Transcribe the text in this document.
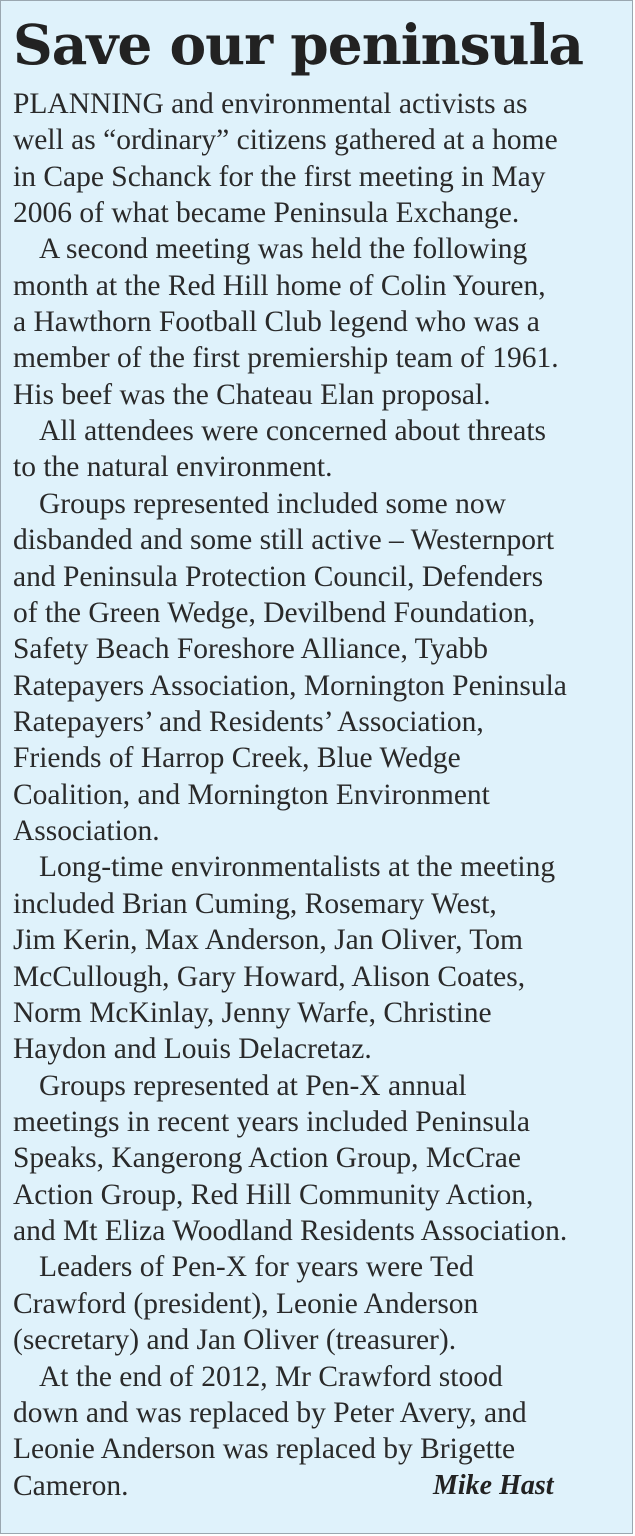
Save our peninsula
PLANNING and environmental activists as
well as “ordinary” citizens gathered at a home
in Cape Schanck for the first meeting in May
2006 of what became Peninsula Exchange.
A second meeting was held the following
month at the Red Hill home of Colin Youren,
a Hawthorn Football Club legend who was a
member of the first premiership team of 1961.
His beef was the Chateau Elan proposal.
All attendees were concerned about threats
to the natural environment.
Groups represented included some now
disbanded and some still active – Westernport
and Peninsula Protection Council, Defenders
of the Green Wedge, Devilbend Foundation,
Safety Beach Foreshore Alliance, Tyabb
Ratepayers Association, Mornington Peninsula
Ratepayers’ and Residents’ Association,
Friends of Harrop Creek, Blue Wedge
Coalition, and Mornington Environment
Association.
Long-time environmentalists at the meeting
included Brian Cuming, Rosemary West,
Jim Kerin, Max Anderson, Jan Oliver, Tom
McCullough, Gary Howard, Alison Coates,
Norm McKinlay, Jenny Warfe, Christine
Haydon and Louis Delacretaz.
Groups represented at Pen-X annual
meetings in recent years included Peninsula
Speaks, Kangerong Action Group, McCrae
Action Group, Red Hill Community Action,
and Mt Eliza Woodland Residents Association.
Leaders of Pen-X for years were Ted
Crawford (president), Leonie Anderson
(secretary) and Jan Oliver (treasurer).
At the end of 2012, Mr Crawford stood
down and was replaced by Peter Avery, and
Leonie Anderson was replaced by Brigette
Cameron.	Mike Hast
